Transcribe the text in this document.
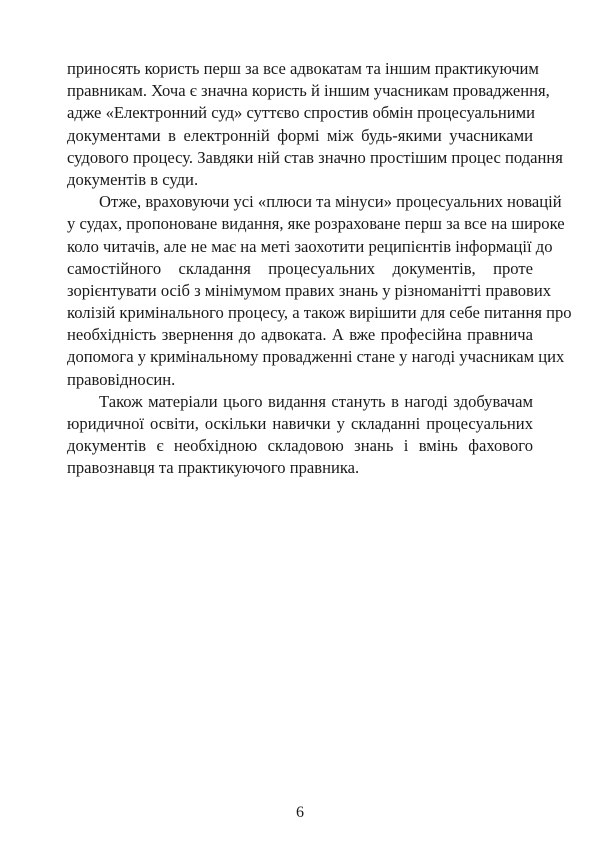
приносять користь перш за все адвокатам та іншим практикуючим
правникам. Хоча є значна користь й іншим учасникам провадження,
адже «Електронний суд» суттєво спростив обмін процесуальними
документами в електронній формі між будь-якими учасниками
судового процесу. Завдяки ній став значно простішим процес подання
документів в суди.
Отже, враховуючи усі «плюси та мінуси» процесуальних новацій
у судах, пропоноване видання, яке розраховане перш за все на широке
коло читачів, але не має на меті заохотити реципієнтів інформації до
самостійного складання процесуальних документів, проте
зорієнтувати осіб з мінімумом правих знань у різноманітті правових
колізій кримінального процесу, а також вирішити для себе питання про
необхідність звернення до адвоката. А вже професійна правнича
допомога у кримінальному провадженні стане у нагоді учасникам цих
правовідносин.
Також матеріали цього видання стануть в нагоді здобувачам
юридичної освіти, оскільки навички у складанні процесуальних
документів є необхідною складовою знань і вмінь фахового
правознавця та практикуючого правника.
6
